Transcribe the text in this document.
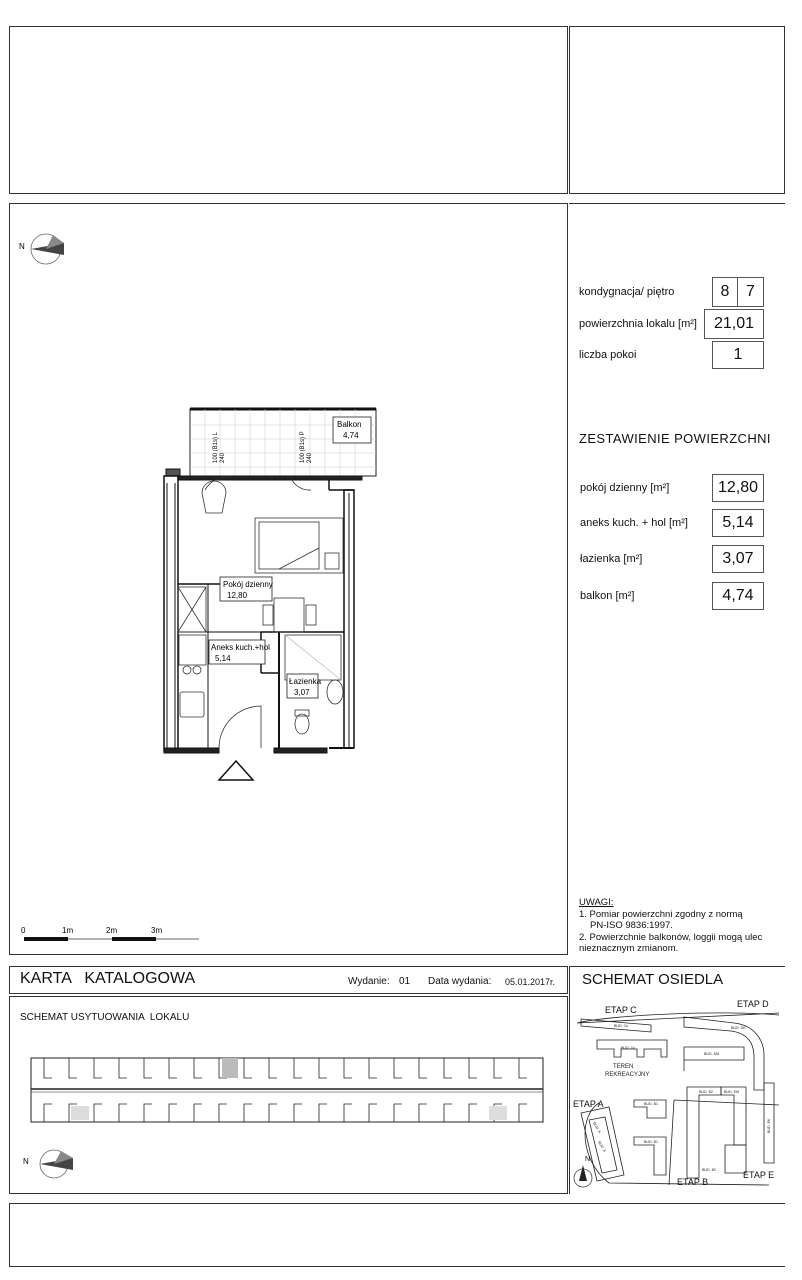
kondygnacja/ piętro	8	7
powierzchnia lokalu [m²]	21,01
liczba pokoi	1
ZESTAWIENIE POWIERZCHNI
pokój dzienny [m²]	12,80
aneks kuch. + hol [m²]	5,14
łazienka [m²]	3,07
balkon [m²]	4,74
UWAGI:
1. Pomiar powierzchni zgodny z normą
PN-ISO 9836:1997.
2. Powierzchnie balkonów, loggii mogą ulec
nieznacznym zmianom.
N
Balkon
4,74
100 (B1s) L 240	100 (B1s) P 240
Pokój dzienny
12,80
Aneks kuch.+hol
5,14
Łazienka
3,07
0	1m	2m	3m
KARTA   KATALOGOWA	Wydanie: 01 Data wydania: 05.01.2017r.
SCHEMAT USYTUOWANIA  LOKALU
N
SCHEMAT OSIEDLA
BUD. Cs
BUD. Cu
BUD. DK
BUD. DM
BUD. B2	BUD. EM
BUD. B1
BUD. B1
BUD. B2
BUD. EK
BUD. A
BUD. A
TEREN
REKREACYJNY
ETAP C
ETAP D
ETAP A
ETAP B
ETAP E
N
